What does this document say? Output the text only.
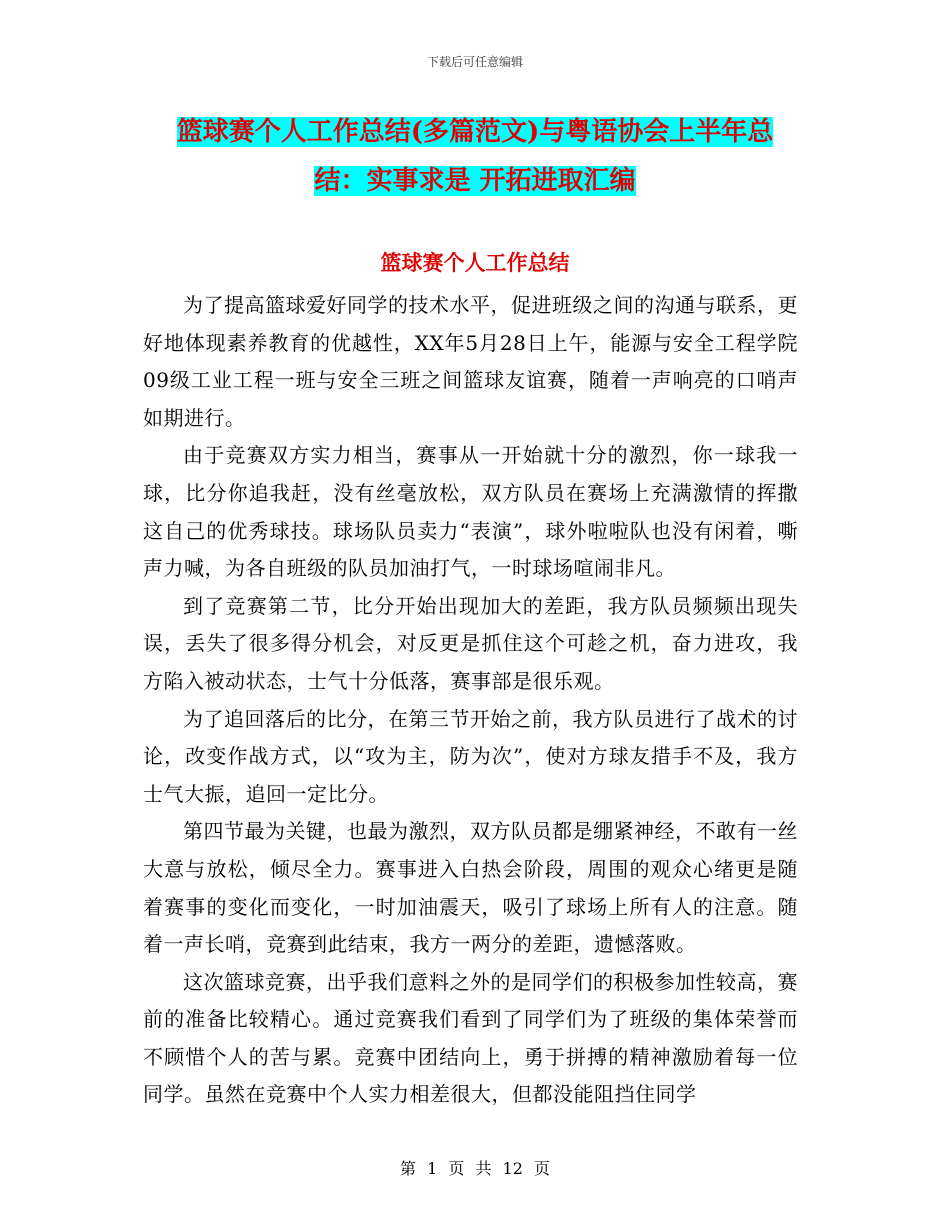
下载后可任意编辑
篮球赛个人工作总结(多篇范文)与粤语协会上半年总
结：实事求是 开拓进取汇编
篮球赛个人工作总结

为了提高篮球爱好同学的技术水平，促进班级之间的沟通与联系，更好地体现素养教育的优越性，XX年5月28日上午，能源与安全工程学院09级工业工程一班与安全三班之间篮球友谊赛，随着一声响亮的口哨声如期进行。

由于竞赛双方实力相当，赛事从一开始就十分的激烈，你一球我一球，比分你追我赶，没有丝毫放松，双方队员在赛场上充满激情的挥撒这自己的优秀球技。球场队员卖力“表演”，球外啦啦队也没有闲着，嘶声力喊，为各自班级的队员加油打气，一时球场喧闹非凡。

到了竞赛第二节，比分开始出现加大的差距，我方队员频频出现失误，丢失了很多得分机会，对反更是抓住这个可趁之机，奋力进攻，我方陷入被动状态，士气十分低落，赛事部是很乐观。

为了追回落后的比分，在第三节开始之前，我方队员进行了战术的讨论，改变作战方式，以“攻为主，防为次”，使对方球友措手不及，我方士气大振，追回一定比分。

第四节最为关键，也最为激烈，双方队员都是绷紧神经，不敢有一丝大意与放松，倾尽全力。赛事进入白热会阶段，周围的观众心绪更是随着赛事的变化而变化，一时加油震天，吸引了球场上所有人的注意。随着一声长哨，竞赛到此结束，我方一两分的差距，遗憾落败。

这次篮球竞赛，出乎我们意料之外的是同学们的积极参加性较高，赛前的准备比较精心。通过竞赛我们看到了同学们为了班级的集体荣誉而不顾惜个人的苦与累。竞赛中团结向上，勇于拼搏的精神激励着每一位同学。虽然在竞赛中个人实力相差很大，但都没能阻挡住同学

第 1 页 共 12 页
